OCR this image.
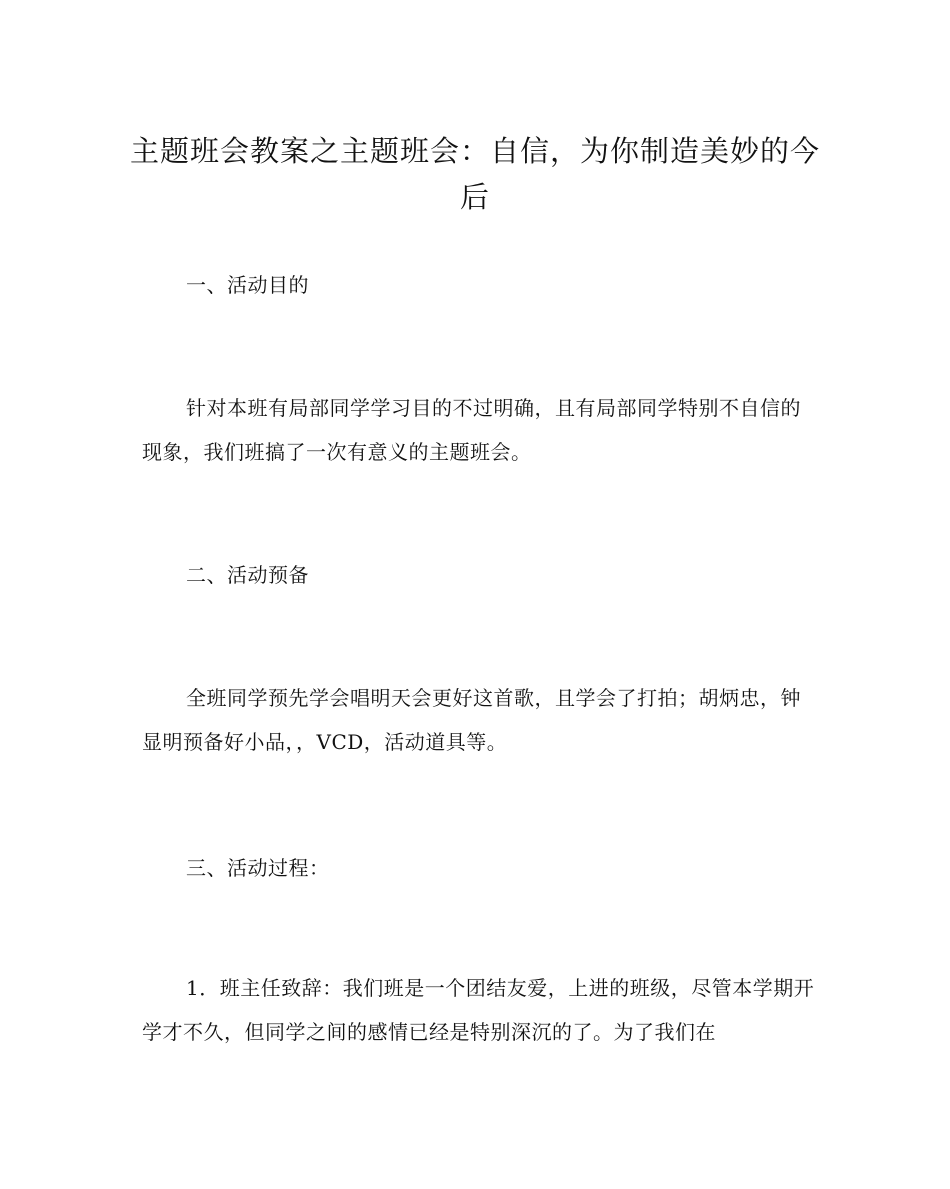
主题班会教案之主题班会：自信，为你制造美妙的今
后

一、活动目的

针对本班有局部同学学习目的不过明确，且有局部同学特别不自信的现象，我们班搞了一次有意义的主题班会。

二、活动预备

全班同学预先学会唱明天会更好这首歌，且学会了打拍；胡炳忠，钟显明预备好小品，，VCD，活动道具等。

三、活动过程：

1．班主任致辞：我们班是一个团结友爱，上进的班级，尽管本学期开学才不久，但同学之间的感情已经是特别深沉的了。为了我们在
